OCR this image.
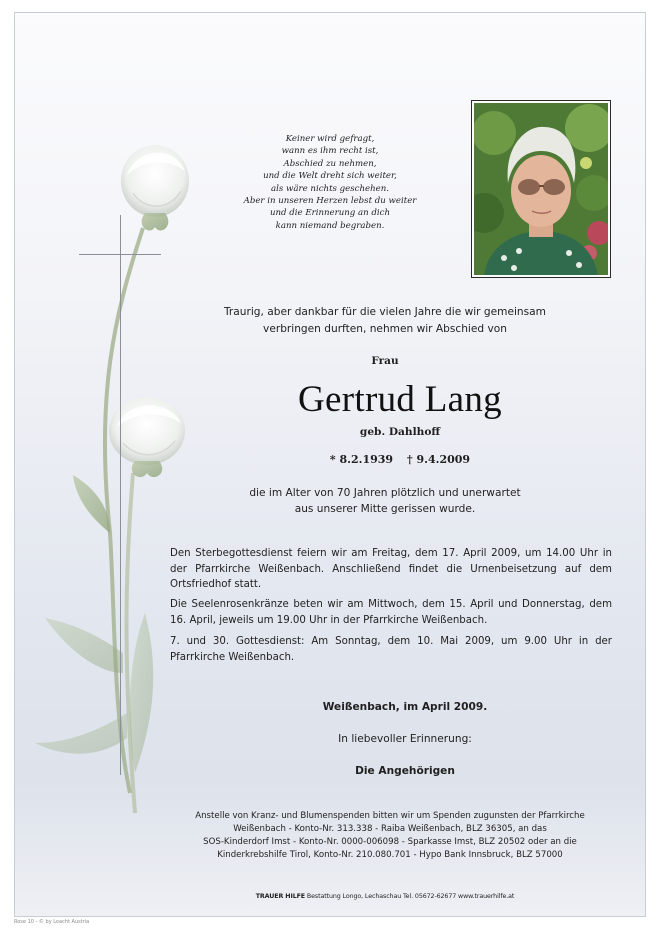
Keiner wird gefragt,
wann es ihm recht ist,
Abschied zu nehmen,
und die Welt dreht sich weiter,
als wäre nichts geschehen.
Aber in unseren Herzen lebst du weiter
und die Erinnerung an dich
kann niemand begraben.
Traurig, aber dankbar für die vielen Jahre die wir gemeinsam
verbringen durften, nehmen wir Abschied von
Frau
Gertrud Lang
geb. Dahlhoff
* 8.2.1939 † 9.4.2009
die im Alter von 70 Jahren plötzlich und unerwartet
aus unserer Mitte gerissen wurde.
Den Sterbegottesdienst feiern wir am Freitag, dem 17. April 2009, um 14.00 Uhr in der Pfarrkirche Weißenbach. Anschließend findet die Urnenbeisetzung auf dem Ortsfriedhof statt.
Die Seelenrosenkränze beten wir am Mittwoch, dem 15. April und Donnerstag, dem 16. April, jeweils um 19.00 Uhr in der Pfarrkirche Weißenbach.
7. und 30. Gottesdienst: Am Sonntag, dem 10. Mai 2009, um 9.00 Uhr in der Pfarrkirche Weißenbach.
Weißenbach, im April 2009.
In liebevoller Erinnerung:
Die Angehörigen
Anstelle von Kranz- und Blumenspenden bitten wir um Spenden zugunsten der Pfarrkirche
Weißenbach - Konto-Nr. 313.338 - Raiba Weißenbach, BLZ 36305, an das
SOS-Kinderdorf Imst - Konto-Nr. 0000-006098 - Sparkasse Imst, BLZ 20502 oder an die
Kinderkrebshilfe Tirol, Konto-Nr. 210.080.701 - Hypo Bank Innsbruck, BLZ 57000
TRAUER HILFE Bestattung Longo, Lechaschau Tel. 05672-62677 www.trauerhilfe.at
Rose 10 - © by Loacht Austria
